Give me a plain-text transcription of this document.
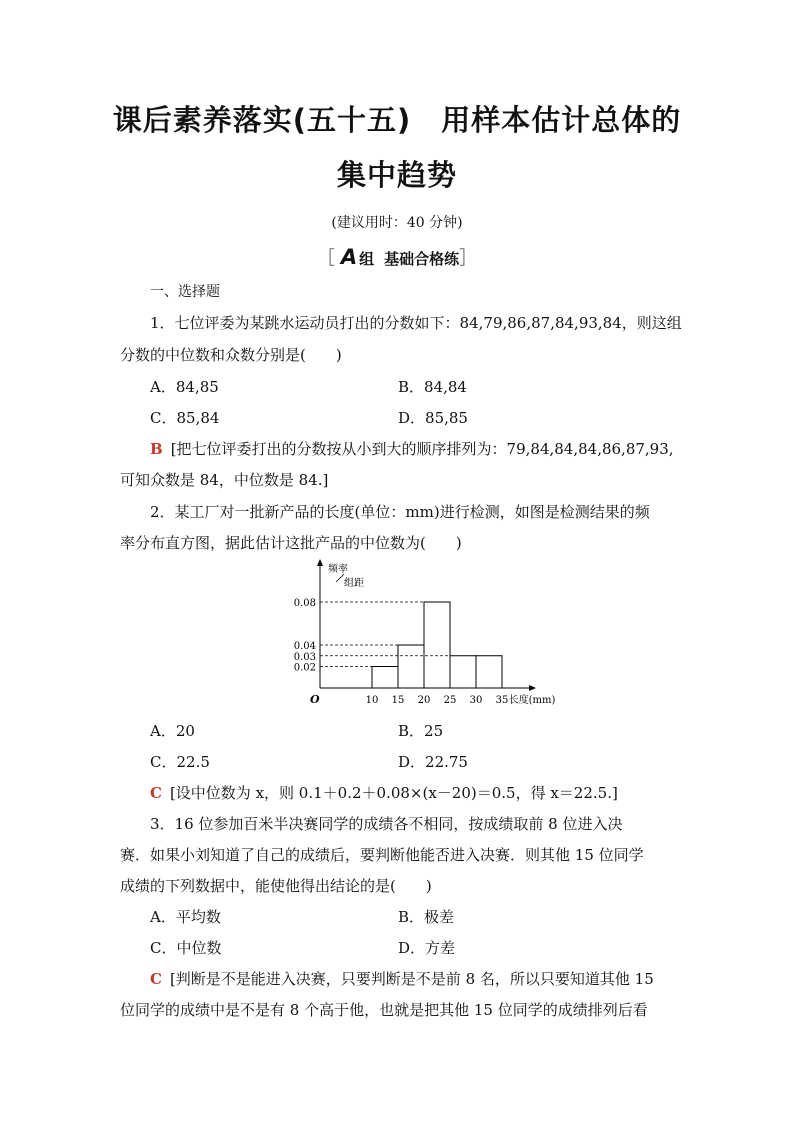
课后素养落实(五十五)　用样本估计总体的
集中趋势
(建议用时：40 分钟)
［ A 组 基础合格练］
一、选择题
1．七位评委为某跳水运动员打出的分数如下：84,79,86,87,84,93,84，则这组
分数的中位数和众数分别是(　　)
A．84,85	B．84,84
C．85,84	D．85,85
B [把七位评委打出的分数按从小到大的顺序排列为：79,84,84,84,86,87,93,
可知众数是 84，中位数是 84.]
2．某工厂对一批新产品的长度(单位：mm)进行检测，如图是检测结果的频
率分布直方图，据此估计这批产品的中位数为(　　)
0.08
0.04
0.03
0.02
10 15 20 25 30 35
O	长度(mm)
频率
组距
A．20	B．25
C．22.5	D．22.75
C [设中位数为 x，则 0.1＋0.2＋0.08×(x－20)＝0.5，得 x＝22.5.]
3．16 位参加百米半决赛同学的成绩各不相同，按成绩取前 8 位进入决
赛．如果小刘知道了自己的成绩后，要判断他能否进入决赛．则其他 15 位同学
成绩的下列数据中，能使他得出结论的是(　　)
A．平均数	B．极差
C．中位数	D．方差
C [判断是不是能进入决赛，只要判断是不是前 8 名，所以只要知道其他 15
位同学的成绩中是不是有 8 个高于他，也就是把其他 15 位同学的成绩排列后看
